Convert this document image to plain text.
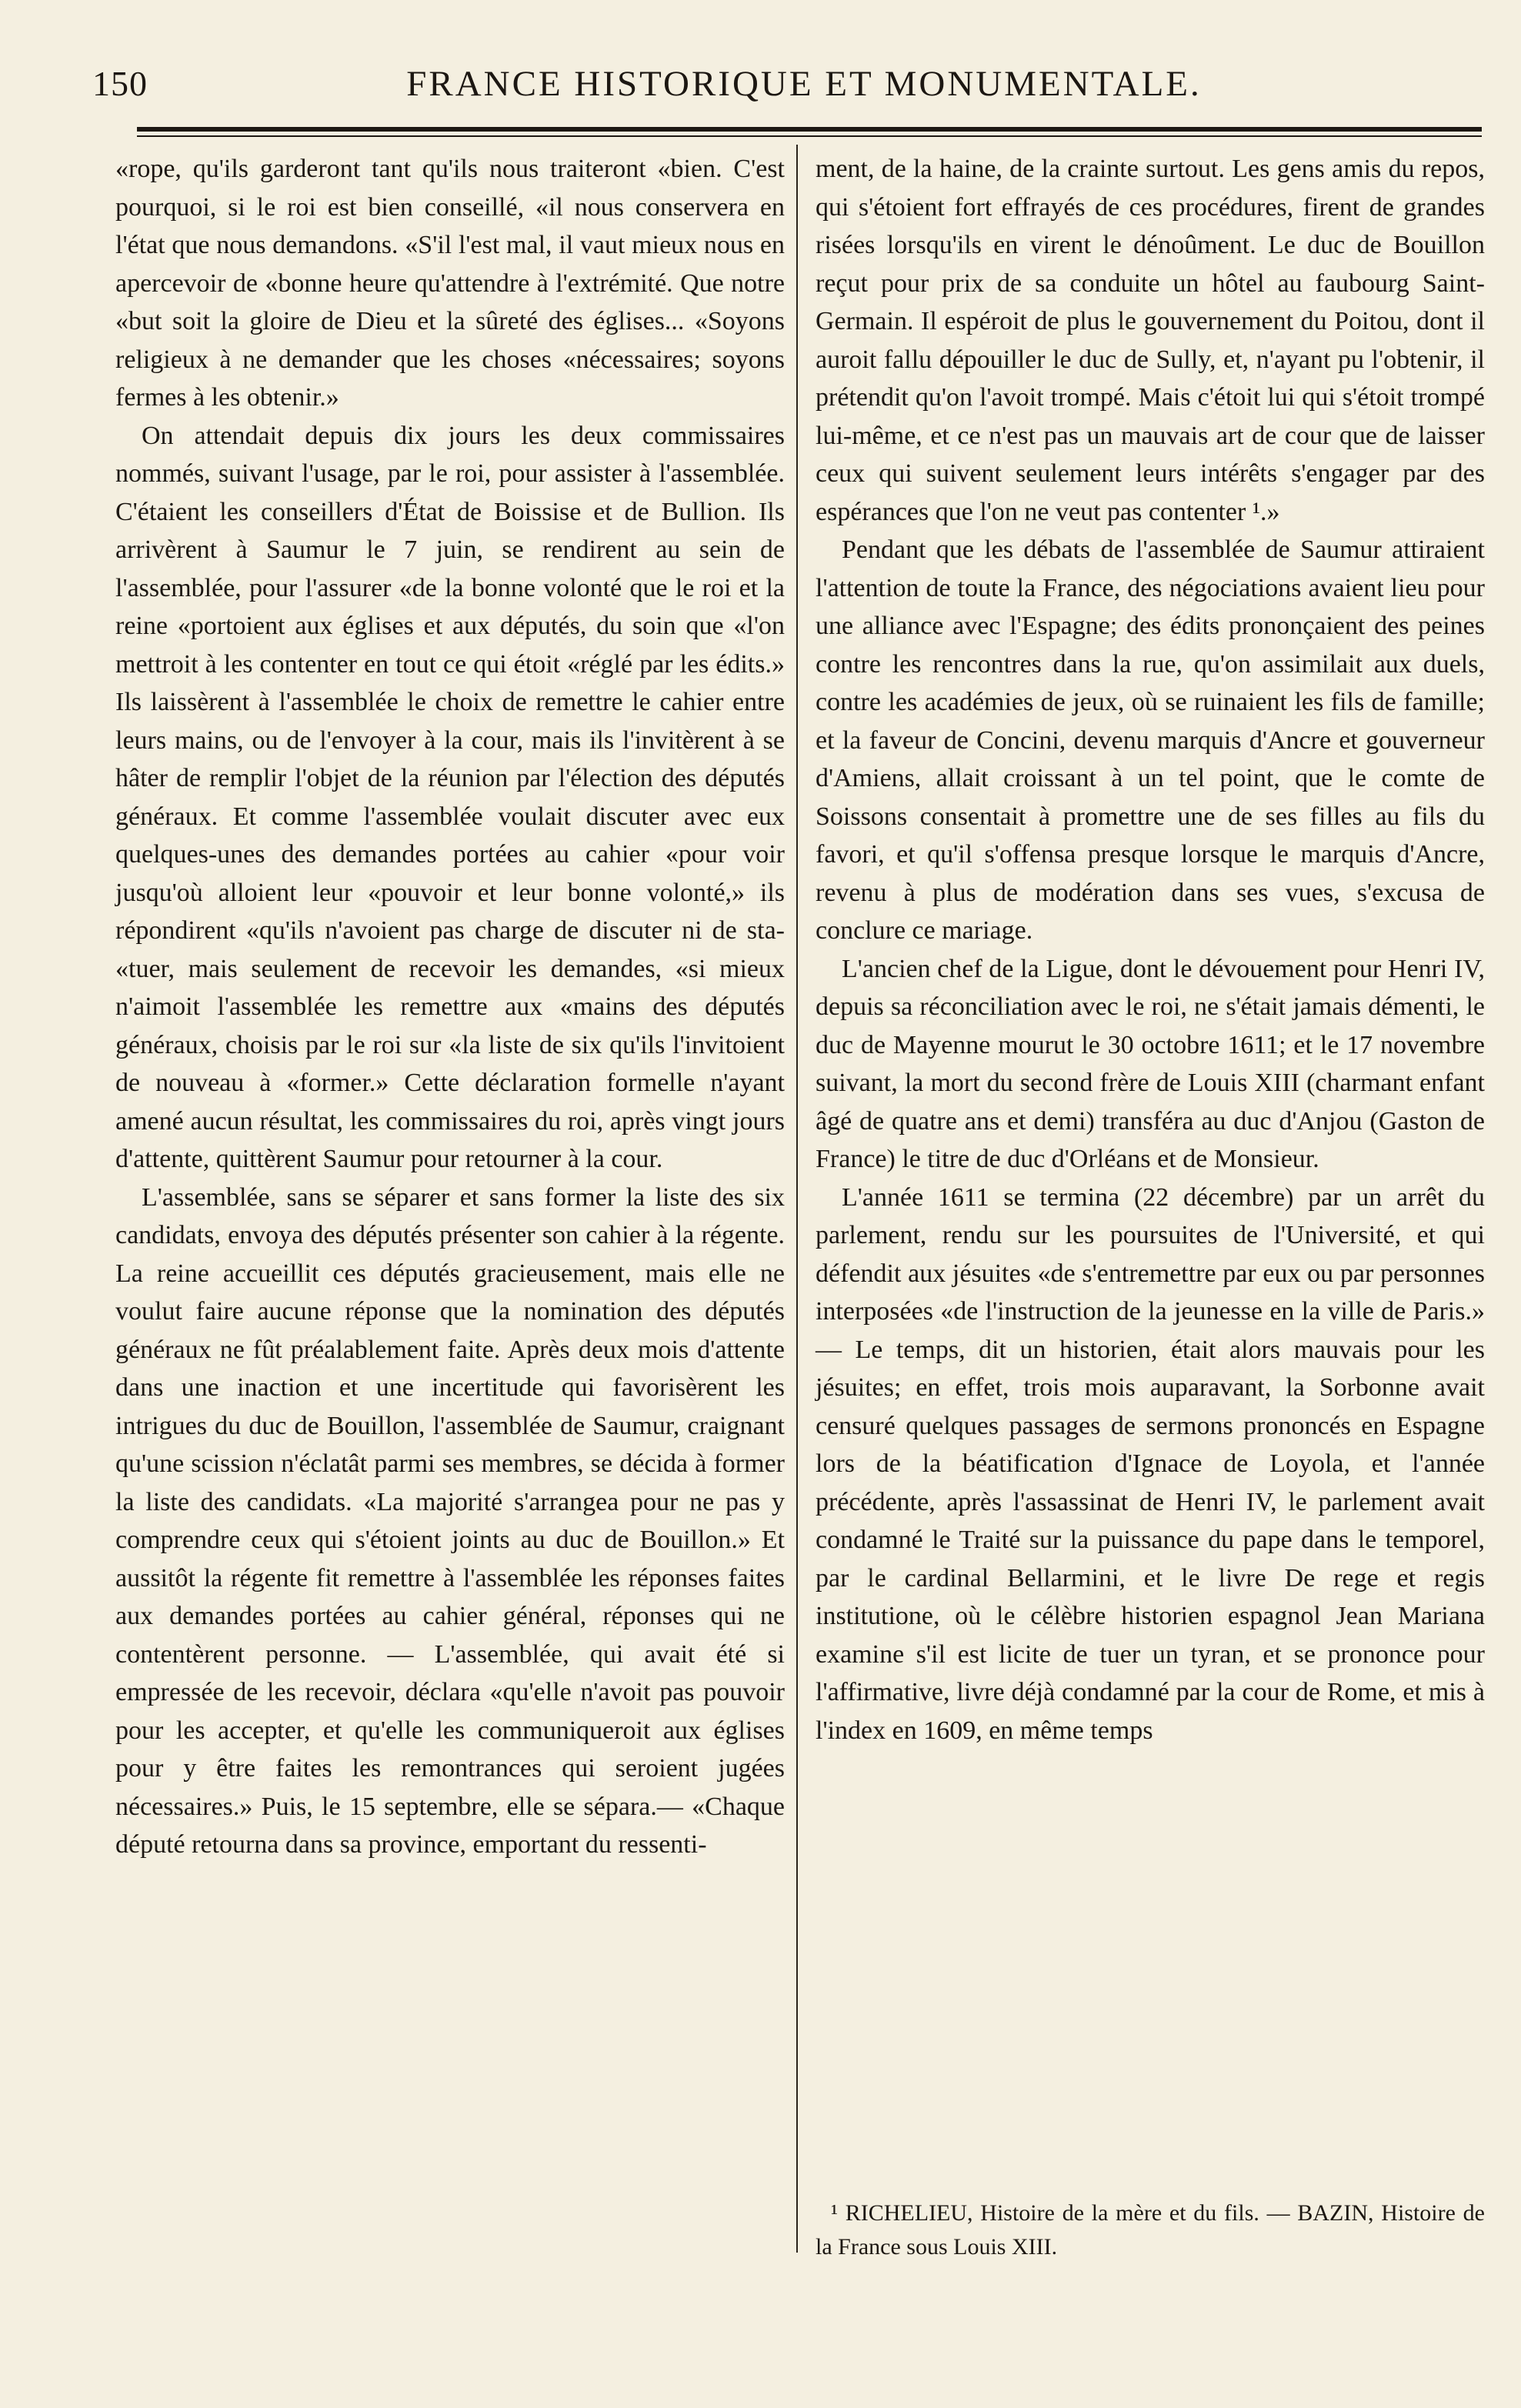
150	FRANCE HISTORIQUE ET MONUMENTALE.

«rope, qu'ils garderont tant qu'ils nous traiteront «bien. C'est pourquoi, si le roi est bien conseillé, «il nous conservera en l'état que nous demandons. «S'il l'est mal, il vaut mieux nous en apercevoir de «bonne heure qu'attendre à l'extrémité. Que notre «but soit la gloire de Dieu et la sûreté des églises... «Soyons religieux à ne demander que les choses «nécessaires; soyons fermes à les obtenir.»

On attendait depuis dix jours les deux commissaires nommés, suivant l'usage, par le roi, pour assister à l'assemblée. C'étaient les conseillers d'État de Boissise et de Bullion. Ils arrivèrent à Saumur le 7 juin, se rendirent au sein de l'assemblée, pour l'assurer «de la bonne volonté que le roi et la reine «portoient aux églises et aux députés, du soin que «l'on mettroit à les contenter en tout ce qui étoit «réglé par les édits.» Ils laissèrent à l'assemblée le choix de remettre le cahier entre leurs mains, ou de l'envoyer à la cour, mais ils l'invitèrent à se hâter de remplir l'objet de la réunion par l'élection des députés généraux. Et comme l'assemblée voulait discuter avec eux quelques-unes des demandes portées au cahier «pour voir jusqu'où alloient leur «pouvoir et leur bonne volonté,» ils répondirent «qu'ils n'avoient pas charge de discuter ni de sta- «tuer, mais seulement de recevoir les demandes, «si mieux n'aimoit l'assemblée les remettre aux «mains des députés généraux, choisis par le roi sur «la liste de six qu'ils l'invitoient de nouveau à «former.» Cette déclaration formelle n'ayant amené aucun résultat, les commissaires du roi, après vingt jours d'attente, quittèrent Saumur pour retourner à la cour.

L'assemblée, sans se séparer et sans former la liste des six candidats, envoya des députés présenter son cahier à la régente. La reine accueillit ces députés gracieusement, mais elle ne voulut faire aucune réponse que la nomination des députés généraux ne fût préalablement faite. Après deux mois d'attente dans une inaction et une incertitude qui favorisèrent les intrigues du duc de Bouillon, l'assemblée de Saumur, craignant qu'une scission n'éclatât parmi ses membres, se décida à former la liste des candidats. «La majorité s'arrangea pour ne pas y comprendre ceux qui s'étoient joints au duc de Bouillon.» Et aussitôt la régente fit remettre à l'assemblée les réponses faites aux demandes portées au cahier général, réponses qui ne contentèrent personne. — L'assemblée, qui avait été si empressée de les recevoir, déclara «qu'elle n'avoit pas pouvoir pour les accepter, et qu'elle les communiqueroit aux églises pour y être faites les remontrances qui seroient jugées nécessaires.» Puis, le 15 septembre, elle se sépara.— «Chaque député retourna dans sa province, emportant du ressenti-

ment, de la haine, de la crainte surtout. Les gens amis du repos, qui s'étoient fort effrayés de ces procédures, firent de grandes risées lorsqu'ils en virent le dénoûment. Le duc de Bouillon reçut pour prix de sa conduite un hôtel au faubourg Saint-Germain. Il espéroit de plus le gouvernement du Poitou, dont il auroit fallu dépouiller le duc de Sully, et, n'ayant pu l'obtenir, il prétendit qu'on l'avoit trompé. Mais c'étoit lui qui s'étoit trompé lui-même, et ce n'est pas un mauvais art de cour que de laisser ceux qui suivent seulement leurs intérêts s'engager par des espérances que l'on ne veut pas contenter ¹.»

Pendant que les débats de l'assemblée de Saumur attiraient l'attention de toute la France, des négociations avaient lieu pour une alliance avec l'Espagne; des édits prononçaient des peines contre les rencontres dans la rue, qu'on assimilait aux duels, contre les académies de jeux, où se ruinaient les fils de famille; et la faveur de Concini, devenu marquis d'Ancre et gouverneur d'Amiens, allait croissant à un tel point, que le comte de Soissons consentait à promettre une de ses filles au fils du favori, et qu'il s'offensa presque lorsque le marquis d'Ancre, revenu à plus de modération dans ses vues, s'excusa de conclure ce mariage.

L'ancien chef de la Ligue, dont le dévouement pour Henri IV, depuis sa réconciliation avec le roi, ne s'était jamais démenti, le duc de Mayenne mourut le 30 octobre 1611; et le 17 novembre suivant, la mort du second frère de Louis XIII (charmant enfant âgé de quatre ans et demi) transféra au duc d'Anjou (Gaston de France) le titre de duc d'Orléans et de Monsieur.

L'année 1611 se termina (22 décembre) par un arrêt du parlement, rendu sur les poursuites de l'Université, et qui défendit aux jésuites «de s'entremettre par eux ou par personnes interposées «de l'instruction de la jeunesse en la ville de Paris.» — Le temps, dit un historien, était alors mauvais pour les jésuites; en effet, trois mois auparavant, la Sorbonne avait censuré quelques passages de sermons prononcés en Espagne lors de la béatification d'Ignace de Loyola, et l'année précédente, après l'assassinat de Henri IV, le parlement avait condamné le Traité sur la puissance du pape dans le temporel, par le cardinal Bellarmini, et le livre De rege et regis institutione, où le célèbre historien espagnol Jean Mariana examine s'il est licite de tuer un tyran, et se prononce pour l'affirmative, livre déjà condamné par la cour de Rome, et mis à l'index en 1609, en même temps

¹ RICHELIEU, Histoire de la mère et du fils. — BAZIN, Histoire de la France sous Louis XIII.
